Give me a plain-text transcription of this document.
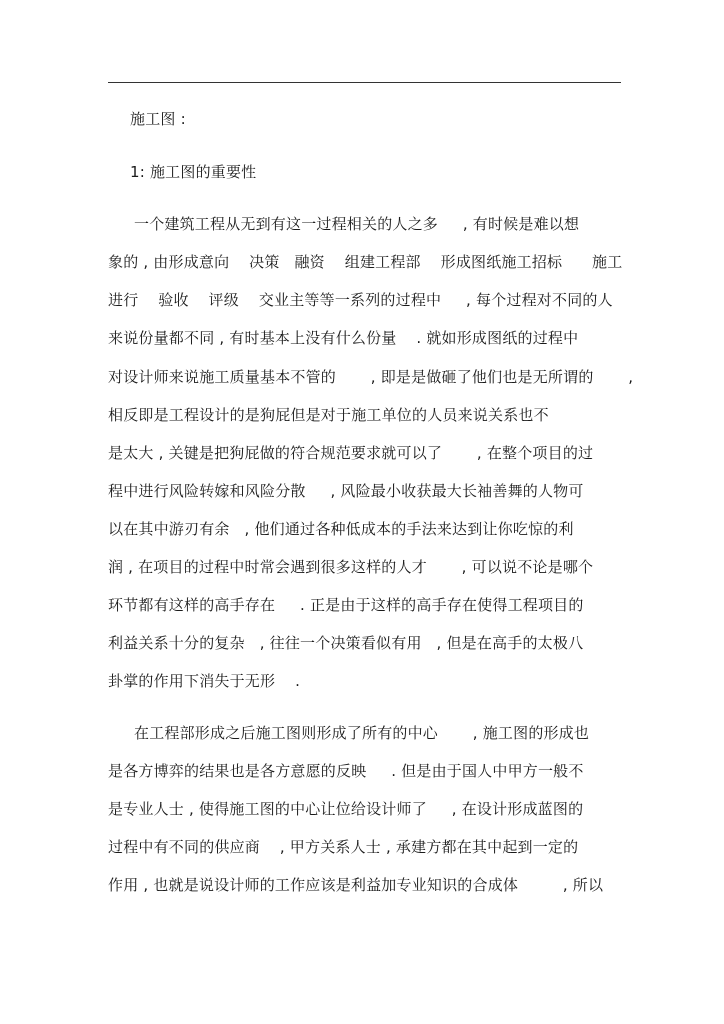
施工图 :
1: 施工图的重要性
一个建筑工程从无到有这一过程相关的人之多     , 有时候是难以想
象的 , 由形成意向    决策   融资    组建工程部    形成图纸施工招标      施工
进行    验收    评级    交业主等等一系列的过程中     , 每个过程对不同的人
来说份量都不同 , 有时基本上没有什么份量    . 就如形成图纸的过程中
对设计师来说施工质量基本不管的       , 即是是做砸了他们也是无所谓的       ,
相反即是工程设计的是狗屁但是对于施工单位的人员来说关系也不
是太大 , 关键是把狗屁做的符合规范要求就可以了       , 在整个项目的过
程中进行风险转嫁和风险分散     , 风险最小收获最大长袖善舞的人物可
以在其中游刃有余   , 他们通过各种低成本的手法来达到让你吃惊的利
润 , 在项目的过程中时常会遇到很多这样的人才       , 可以说不论是哪个
环节都有这样的高手存在     . 正是由于这样的高手存在使得工程项目的
利益关系十分的复杂   , 往往一个决策看似有用   , 但是在高手的太极八
卦掌的作用下消失于无形    .
在工程部形成之后施工图则形成了所有的中心       , 施工图的形成也
是各方博弈的结果也是各方意愿的反映     . 但是由于国人中甲方一般不
是专业人士 , 使得施工图的中心让位给设计师了     , 在设计形成蓝图的
过程中有不同的供应商    , 甲方关系人士 , 承建方都在其中起到一定的
作用 , 也就是说设计师的工作应该是利益加专业知识的合成体         , 所以
